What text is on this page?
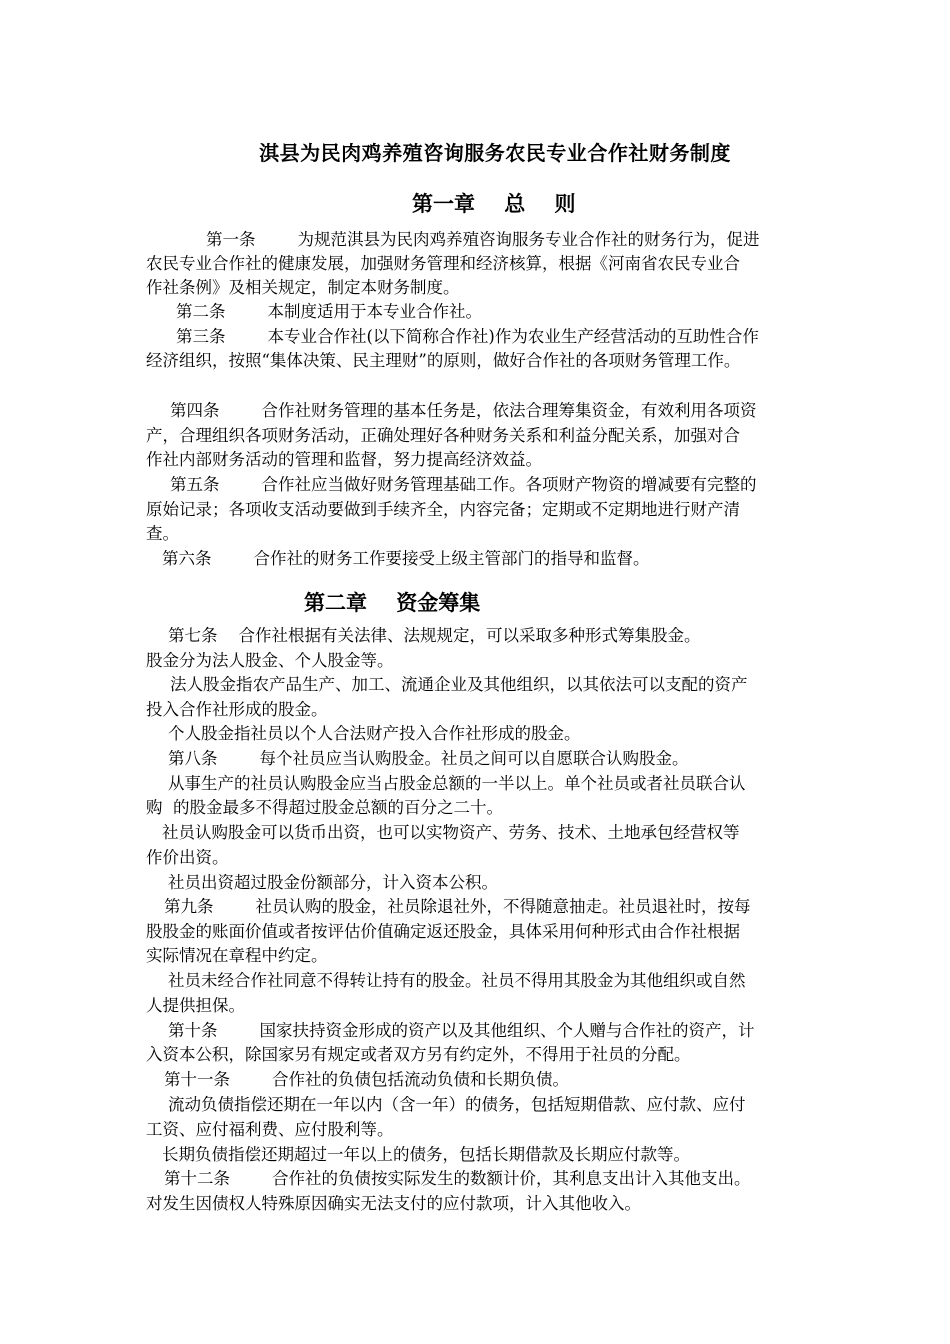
淇县为民肉鸡养殖咨询服务农民专业合作社财务制度
第一章    总    则
第一条        为规范淇县为民肉鸡养殖咨询服务专业合作社的财务行为，促进
农民专业合作社的健康发展，加强财务管理和经济核算，根据《河南省农民专业合
作社条例》及相关规定，制定本财务制度。
第二条        本制度适用于本专业合作社。
第三条        本专业合作社(以下简称合作社)作为农业生产经营活动的互助性合作
经济组织，按照“集体决策、民主理财”的原则，做好合作社的各项财务管理工作。
第四条        合作社财务管理的基本任务是，依法合理筹集资金，有效利用各项资
产，合理组织各项财务活动，正确处理好各种财务关系和利益分配关系，加强对合
作社内部财务活动的管理和监督，努力提高经济效益。
第五条        合作社应当做好财务管理基础工作。各项财产物资的增减要有完整的
原始记录；各项收支活动要做到手续齐全，内容完备；定期或不定期地进行财产清
查。
第六条        合作社的财务工作要接受上级主管部门的指导和监督。
第二章    资金筹集
第七条    合作社根据有关法律、法规规定，可以采取多种形式筹集股金。
股金分为法人股金、个人股金等。
法人股金指农产品生产、加工、流通企业及其他组织，以其依法可以支配的资产
投入合作社形成的股金。
个人股金指社员以个人合法财产投入合作社形成的股金。
第八条        每个社员应当认购股金。社员之间可以自愿联合认购股金。
从事生产的社员认购股金应当占股金总额的一半以上。单个社员或者社员联合认
购  的股金最多不得超过股金总额的百分之二十。
社员认购股金可以货币出资，也可以实物资产、劳务、技术、土地承包经营权等
作价出资。
社员出资超过股金份额部分，计入资本公积。
第九条        社员认购的股金，社员除退社外，不得随意抽走。社员退社时，按每
股股金的账面价值或者按评估价值确定返还股金，具体采用何种形式由合作社根据
实际情况在章程中约定。
社员未经合作社同意不得转让持有的股金。社员不得用其股金为其他组织或自然
人提供担保。
第十条        国家扶持资金形成的资产以及其他组织、个人赠与合作社的资产，计
入资本公积，除国家另有规定或者双方另有约定外，不得用于社员的分配。
第十一条        合作社的负债包括流动负债和长期负债。
流动负债指偿还期在一年以内（含一年）的债务，包括短期借款、应付款、应付
工资、应付福利费、应付股利等。
长期负债指偿还期超过一年以上的债务，包括长期借款及长期应付款等。
第十二条        合作社的负债按实际发生的数额计价，其利息支出计入其他支出。
对发生因债权人特殊原因确实无法支付的应付款项，计入其他收入。
